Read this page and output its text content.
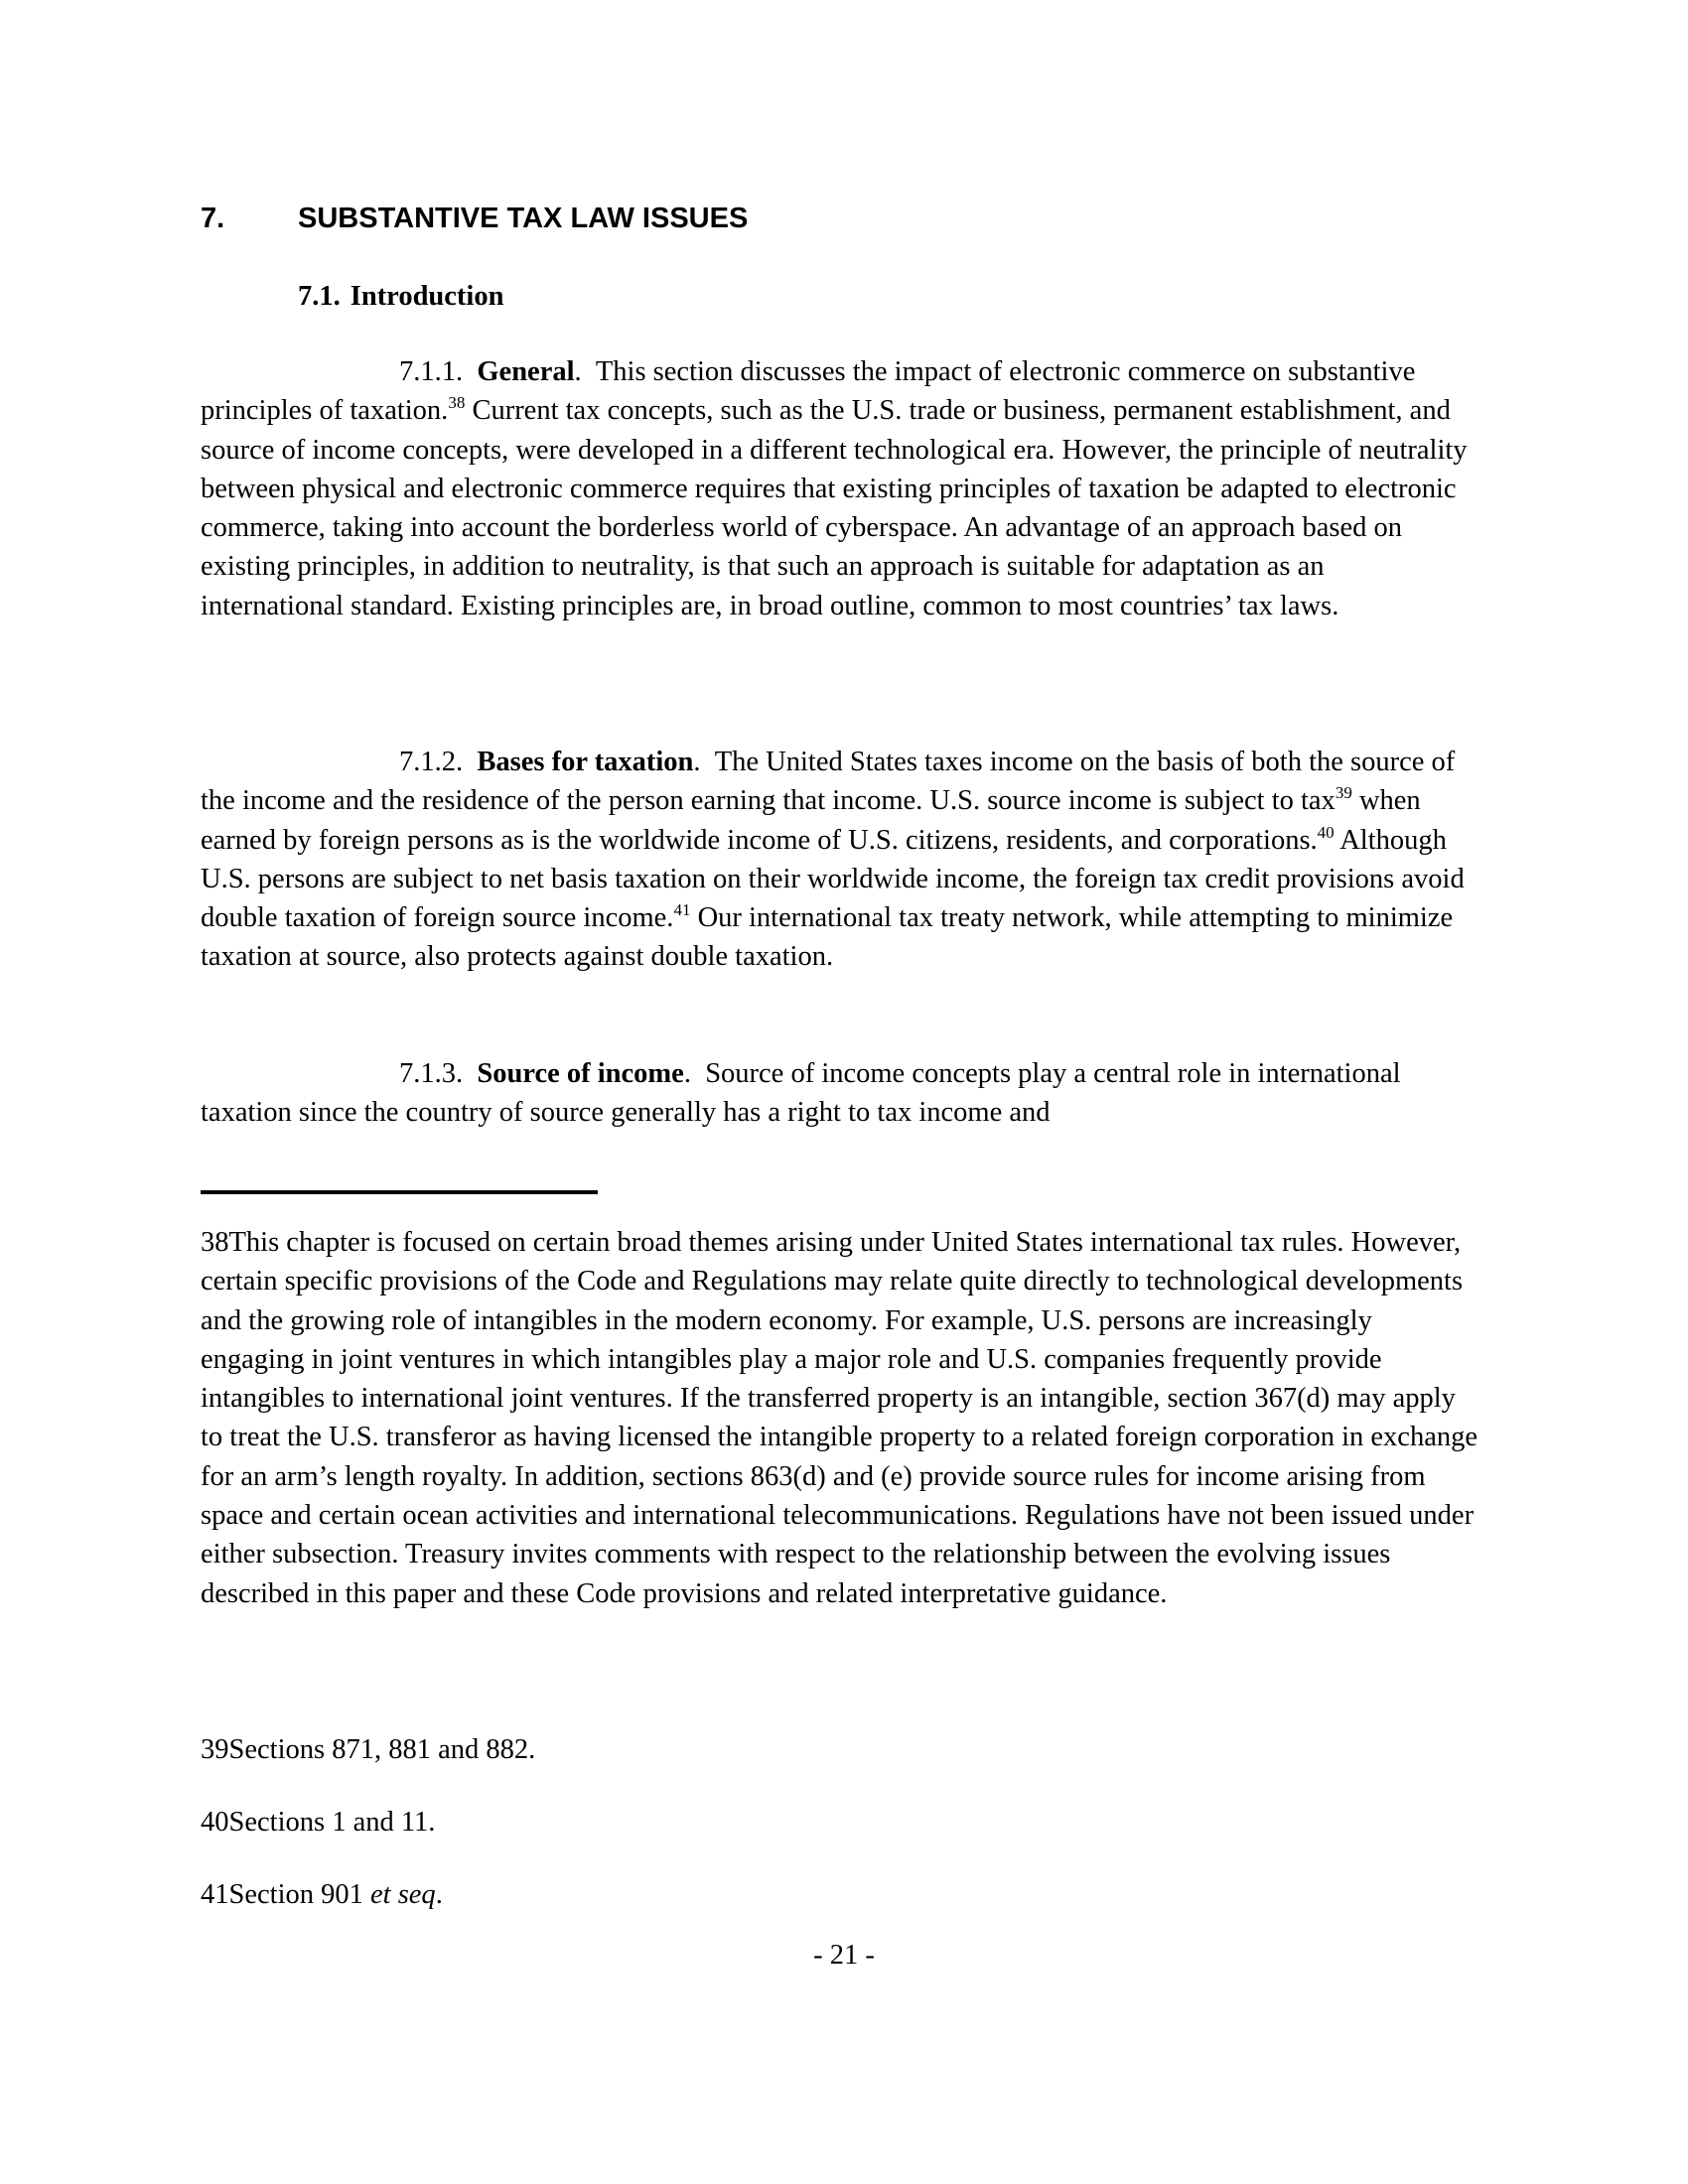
7.	SUBSTANTIVE TAX LAW ISSUES
7.1. Introduction
7.1.1. General.  This section discusses the impact of electronic commerce on substantive principles of taxation.$^{38}$ Current tax concepts, such as the U.S. trade or business, permanent establishment, and source of income concepts, were developed in a different technological era. However, the principle of neutrality between physical and electronic commerce requires that existing principles of taxation be adapted to electronic commerce, taking into account the borderless world of cyberspace. An advantage of an approach based on existing principles, in addition to neutrality, is that such an approach is suitable for adaptation as an international standard. Existing principles are, in broad outline, common to most countries’ tax laws.
7.1.2. Bases for taxation.  The United States taxes income on the basis of both the source of the income and the residence of the person earning that income. U.S. source income is subject to tax$^{39}$ when earned by foreign persons as is the worldwide income of U.S. citizens, residents, and corporations.$^{40}$ Although U.S. persons are subject to net basis taxation on their worldwide income, the foreign tax credit provisions avoid double taxation of foreign source income.$^{41}$ Our international tax treaty network, while attempting to minimize taxation at source, also protects against double taxation.
7.1.3. Source of income.  Source of income concepts play a central role in international taxation since the country of source generally has a right to tax income and
38This chapter is focused on certain broad themes arising under United States international tax rules. However, certain specific provisions of the Code and Regulations may relate quite directly to technological developments and the growing role of intangibles in the modern economy. For example, U.S. persons are increasingly engaging in joint ventures in which intangibles play a major role and U.S. companies frequently provide intangibles to international joint ventures. If the transferred property is an intangible, section 367(d) may apply to treat the U.S. transferor as having licensed the intangible property to a related foreign corporation in exchange for an arm’s length royalty. In addition, sections 863(d) and (e) provide source rules for income arising from space and certain ocean activities and international telecommunications. Regulations have not been issued under either subsection. Treasury invites comments with respect to the relationship between the evolving issues described in this paper and these Code provisions and related interpretative guidance.
39Sections 871, 881 and 882.
40Sections 1 and 11.
41Section 901 et seq.
- 21 -
